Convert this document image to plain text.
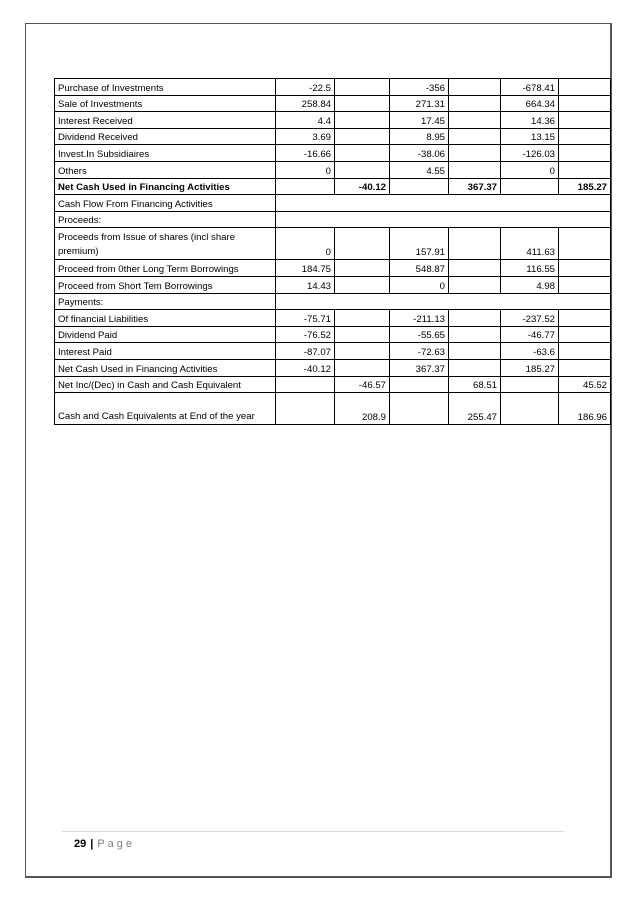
Purchase of Investments	-22.5		-356		-678.41	
Sale of Investments	258.84		271.31		664.34	
Interest Received	4.4		17.45		14.36	
Dividend Received	3.69		8.95		13.15	
Invest.In Subsidiaires	-16.66		-38.06		-126.03	
Others	0		4.55		0	
Net Cash Used in Financing Activities		-40.12		367.37		185.27
Cash Flow From Financing Activities						
Proceeds:						
Proceeds from Issue of shares (incl share premium)	0		157.91		411.63	
Proceed from 0ther Long Term Borrowings	184.75		548.87		116.55	
Proceed from Short Tem Borrowings	14.43		0		4.98	
Payments:						
Of financial Liabilities	-75.71		-211.13		-237.52	
Dividend Paid	-76.52		-55.65		-46.77	
Interest Paid	-87.07		-72.63		-63.6	
Net Cash Used in Financing Activities	-40.12		367.37		185.27	
Net Inc/(Dec) in Cash and Cash Equivalent		-46.57		68.51		45.52
Cash and Cash Equivalents at End of the year		208.9		255.47		186.96
29 | Page
